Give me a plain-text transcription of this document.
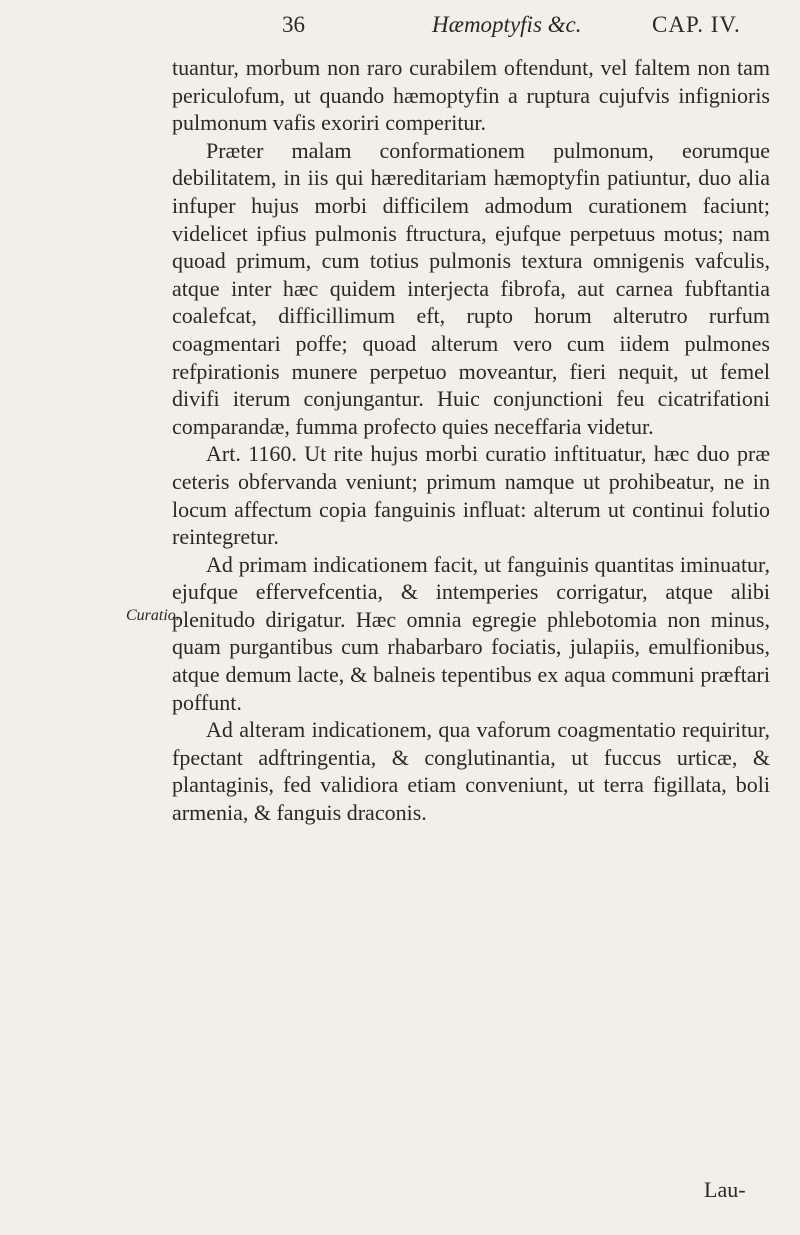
36	Hæmoptyfis &c.	CAP. IV.
Curatio.

tuantur, morbum non raro curabilem oftendunt, vel faltem non tam periculofum, ut quando hæmoptyfin a ruptura cujufvis infignioris pulmonum vafis exoriri comperitur.

Præter malam conformationem pulmonum, eorumque debilitatem, in iis qui hæreditariam hæmoptyfin patiuntur, duo alia infuper hujus morbi difficilem admodum curationem faciunt; videlicet ipfius pulmonis ftructura, ejufque perpetuus motus; nam quoad primum, cum totius pulmonis textura omnigenis vafculis, atque inter hæc quidem interjecta fibrofa, aut carnea fubftantia coalefcat, difficillimum eft, rupto horum alterutro rurfum coagmentari poffe; quoad alterum vero cum iidem pulmones refpirationis munere perpetuo moveantur, fieri nequit, ut femel divifi iterum conjungantur. Huic conjunctioni feu cicatrifationi comparandæ, fumma profecto quies neceffaria videtur.

Art. 1160. Ut rite hujus morbi curatio inftituatur, hæc duo præ ceteris obfervanda veniunt; primum namque ut prohibeatur, ne in locum affectum copia fanguinis influat: alterum ut continui folutio reintegretur.

Ad primam indicationem facit, ut fanguinis quantitas iminuatur, ejufque effervefcentia, & intemperies corrigatur, atque alibi plenitudo dirigatur. Hæc omnia egregie phlebotomia non minus, quam purgantibus cum rhabarbaro fociatis, julapiis, emulfionibus, atque demum lacte, & balneis tepentibus ex aqua communi præftari poffunt.

Ad alteram indicationem, qua vaforum coagmentatio requiritur, fpectant adftringentia, & conglutinantia, ut fuccus urticæ, & plantaginis, fed validiora etiam conveniunt, ut terra figillata, boli armenia, & fanguis draconis.

Lau-
